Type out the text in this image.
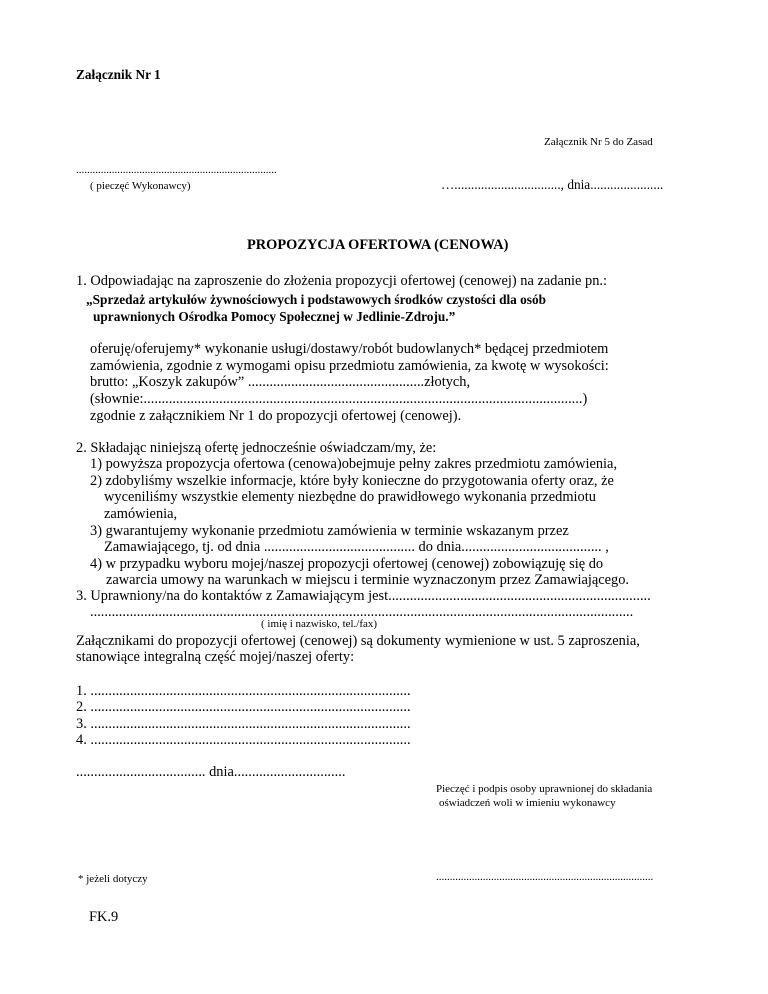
Załącznik Nr 1
Załącznik Nr 5 do Zasad
.........................................................................
( pieczęć Wykonawcy)	…................................, dnia......................
PROPOZYCJA OFERTOWA (CENOWA)
1. Odpowiadając na zaproszenie do złożenia propozycji ofertowej (cenowej) na zadanie pn.:
„Sprzedaż artykułów żywnościowych i podstawowych środków czystości dla osób
uprawnionych Ośrodka Pomocy Społecznej w Jedlinie-Zdroju.”
oferuję/oferujemy* wykonanie usługi/dostawy/robót budowlanych* będącej przedmiotem
zamówienia, zgodnie z wymogami opisu przedmiotu zamówienia, za kwotę w wysokości:
brutto: „Koszyk zakupów” .................................................złotych,
(słownie:..........................................................................................................................)
zgodnie z załącznikiem Nr 1 do propozycji ofertowej (cenowej).
2. Składając niniejszą ofertę jednocześnie oświadczam/my, że:
1) powyższa propozycja ofertowa (cenowa)obejmuje pełny zakres przedmiotu zamówienia,
2) zdobyliśmy wszelkie informacje, które były konieczne do przygotowania oferty oraz, że
wyceniliśmy wszystkie elementy niezbędne do prawidłowego wykonania przedmiotu
zamówienia,
3) gwarantujemy wykonanie przedmiotu zamówienia w terminie wskazanym przez
Zamawiającego, tj. od dnia .......................................... do dnia....................................... ,
4) w przypadku wyboru mojej/naszej propozycji ofertowej (cenowej) zobowiązuję się do
zawarcia umowy na warunkach w miejscu i terminie wyznaczonym przez Zamawiającego.
3. Uprawniony/na do kontaktów z Zamawiającym jest.........................................................................
.......................................................................................................................................................
( imię i nazwisko, tel./fax)
Załącznikami do propozycji ofertowej (cenowej) są dokumenty wymienione w ust. 5 zaproszenia,
stanowiące integralną część mojej/naszej oferty:
1. .........................................................................................
2. .........................................................................................
3. .........................................................................................
4. .........................................................................................
.................................... dnia...............................
Pieczęć i podpis osoby uprawnionej do składania
oświadczeń woli w imieniu wykonawcy
* jeżeli dotyczy	...............................................................................
FK.9
